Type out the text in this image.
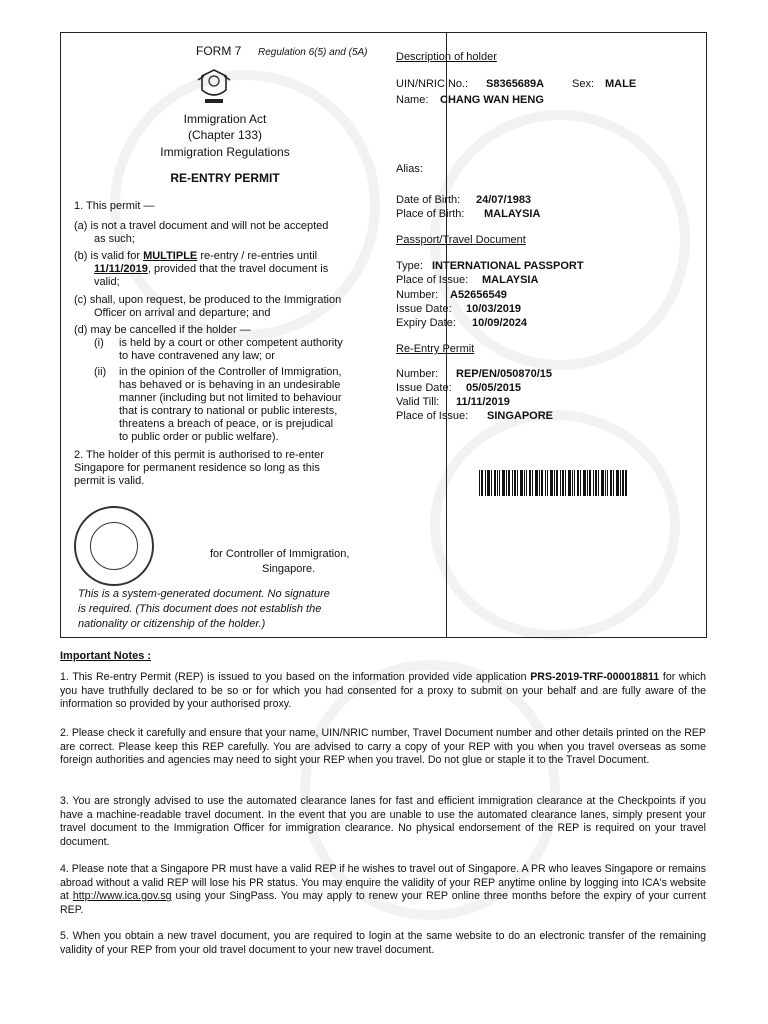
FORM 7 Regulation 6(5) and (5A)
Immigration Act
(Chapter 133)
Immigration Regulations
RE-ENTRY PERMIT
1. This permit —
(a) is not a travel document and will not be accepted
as such;
(b) is valid for MULTIPLE re-entry / re-entries until
11/11/2019, provided that the travel document is
valid;
(c) shall, upon request, be produced to the Immigration
Officer on arrival and departure; and
(d) may be cancelled if the holder —
(i) is held by a court or other competent authority
to have contravened any law; or
(ii) in the opinion of the Controller of Immigration,
has behaved or is behaving in an undesirable
manner (including but not limited to behaviour
that is contrary to national or public interests,
threatens a breach of peace, or is prejudical
to public order or public welfare).
2. The holder of this permit is authorised to re-enter
Singapore for permanent residence so long as this
permit is valid.
for Controller of Immigration,
Singapore.
This is a system-generated document. No signature
is required. (This document does not establish the
nationality or citizenship of the holder.)
Description of holder
UIN/NRIC No.: S8365689A	Sex: MALE
Name: CHANG WAN HENG
Alias:
Date of Birth: 24/07/1983
Place of Birth: MALAYSIA
Passport/Travel Document
Type: INTERNATIONAL PASSPORT
Place of Issue: MALAYSIA
Number: A52656549
Issue Date: 10/03/2019
Expiry Date: 10/09/2024
Re-Entry Permit
Number: REP/EN/050870/15
Issue Date: 05/05/2015
Valid Till: 11/11/2019
Place of Issue: SINGAPORE
Important Notes :
1. This Re-entry Permit (REP) is issued to you based on the information provided vide application PRS-2019-TRF-000018811 for which you have truthfully declared to be so or for which you had consented for a proxy to submit on your behalf and are fully aware of the information so provided by your authorised proxy.
2. Please check it carefully and ensure that your name, UIN/NRIC number, Travel Document number and other details printed on the REP are correct. Please keep this REP carefully. You are advised to carry a copy of your REP with you when you travel overseas as some foreign authorities and agencies may need to sight your REP when you travel. Do not glue or staple it to the Travel Document.
3. You are strongly advised to use the automated clearance lanes for fast and efficient immigration clearance at the Checkpoints if you have a machine-readable travel document. In the event that you are unable to use the automated clearance lanes, simply present your travel document to the Immigration Officer for immigration clearance. No physical endorsement of the REP is required on your travel document.
4. Please note that a Singapore PR must have a valid REP if he wishes to travel out of Singapore. A PR who leaves Singapore or remains abroad without a valid REP will lose his PR status. You may enquire the validity of your REP anytime online by logging into ICA's website at http://www.ica.gov.sg using your SingPass. You may apply to renew your REP online three months before the expiry of your current REP.
5. When you obtain a new travel document, you are required to login at the same website to do an electronic transfer of the remaining validity of your REP from your old travel document to your new travel document.
